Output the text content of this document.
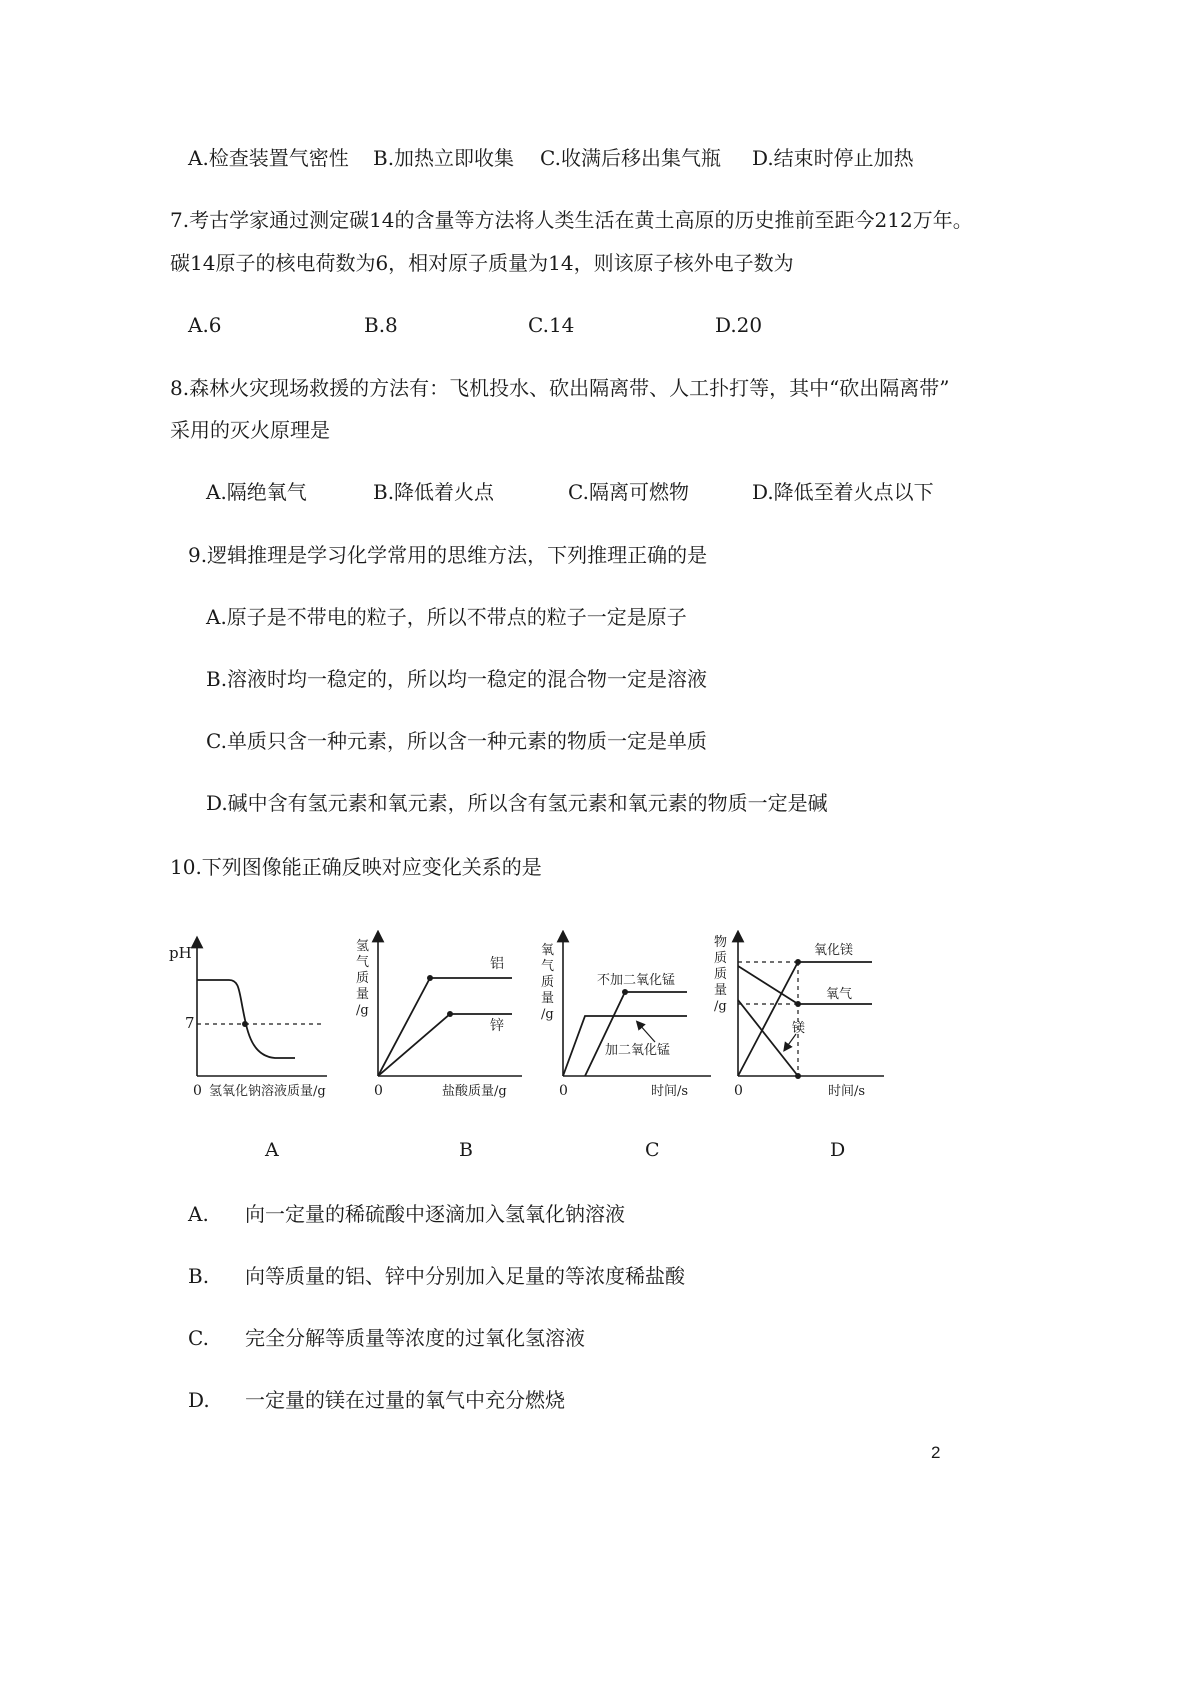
A.检查装置气密性 B.加热立即收集 C.收满后移出集气瓶 D.结束时停止加热
7.考古学家通过测定碳14的含量等方法将人类生活在黄土高原的历史推前至距今212万年。
碳14原子的核电荷数为6，相对原子质量为14，则该原子核外电子数为
A.6	B.8	C.14	D.20
8.森林火灾现场救援的方法有：飞机投水、砍出隔离带、人工扑打等，其中“砍出隔离带”
采用的灭火原理是
A.隔绝氧气	B.降低着火点	C.隔离可燃物	D.降低至着火点以下
9.逻辑推理是学习化学常用的思维方法，下列推理正确的是
A.原子是不带电的粒子，所以不带点的粒子一定是原子
B.溶液时均一稳定的，所以均一稳定的混合物一定是溶液
C.单质只含一种元素，所以含一种元素的物质一定是单质
D.碱中含有氢元素和氧元素，所以含有氢元素和氧元素的物质一定是碱
10.下列图像能正确反映对应变化关系的是
pH
7
0 氢氧化钠溶液质量/g
氢气质量/g
铝
锌
0	盐酸质量/g
氧气质量/g
不加二氧化锰
加二氧化锰
0	时间/s
物质质量/g
氧化镁
氧气
镁
0	时间/s
A	B	C	D
A. 向一定量的稀硫酸中逐滴加入氢氧化钠溶液
B. 向等质量的铝、锌中分别加入足量的等浓度稀盐酸
C. 完全分解等质量等浓度的过氧化氢溶液
D. 一定量的镁在过量的氧气中充分燃烧
2
